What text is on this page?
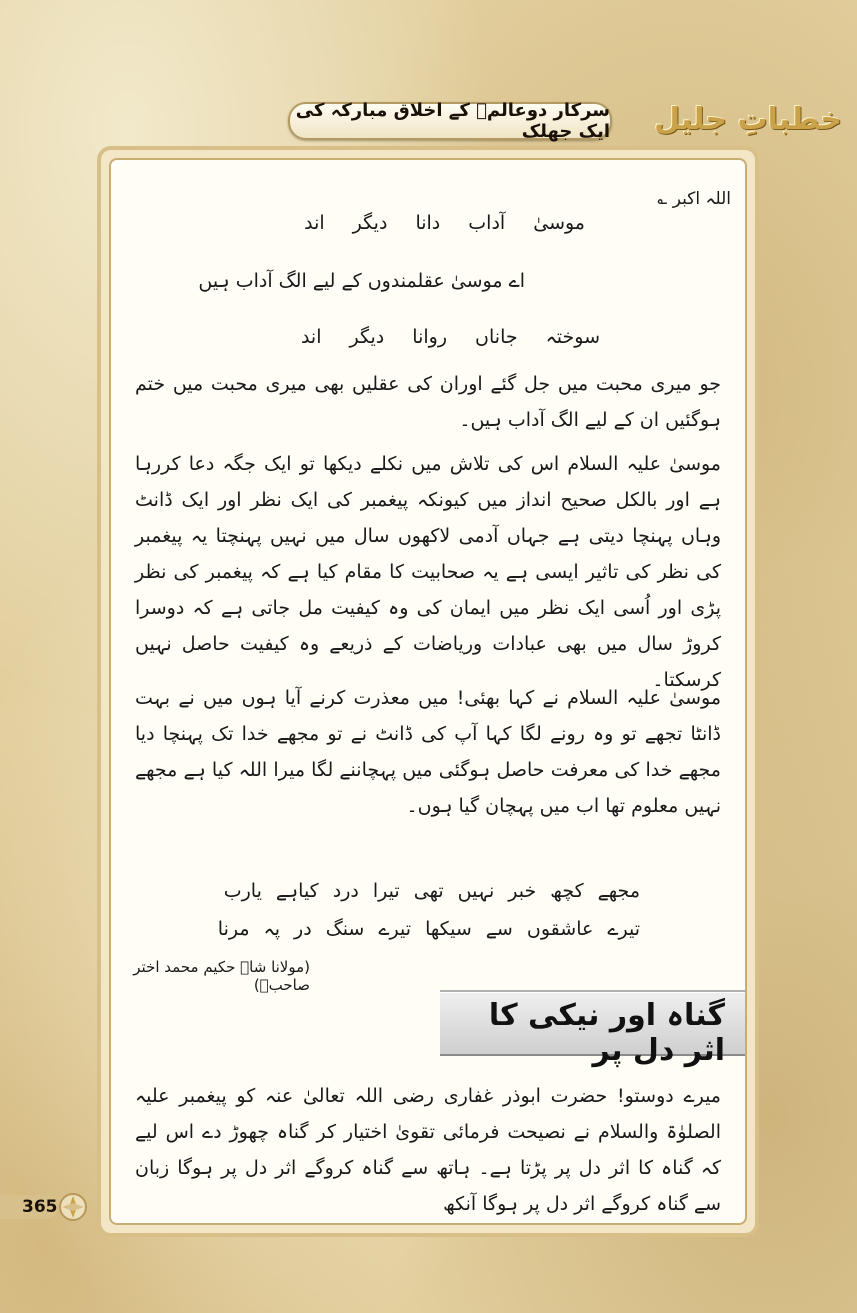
سرکار دوعالمؐ کے اخلاق مبارکہ کی ایک جھلک خطباتِ جلیل
اللہ اکبر ؎
موسیٰ آداب دانا دیگر اند
اے موسیٰ عقلمندوں کے لیے الگ آداب ہیں
سوختہ جاناں روانا دیگر اند

جو میری محبت میں جل گئے اوران کی عقلیں بھی میری محبت میں ختم ہوگئیں ان کے لیے الگ آداب ہیں۔

موسیٰ علیہ السلام اس کی تلاش میں نکلے دیکھا تو ایک جگہ دعا کررہا ہے اور بالکل صحیح انداز میں کیونکہ پیغمبر کی ایک نظر اور ایک ڈانٹ وہاں پہنچا دیتی ہے جہاں آدمی لاکھوں سال میں نہیں پہنچتا یہ پیغمبر کی نظر کی تاثیر ایسی ہے یہ صحابیت کا مقام کیا ہے کہ پیغمبر کی نظر پڑی اور اُسی ایک نظر میں ایمان کی وہ کیفیت مل جاتی ہے کہ دوسرا کروڑ سال میں بھی عبادات وریاضات کے ذریعے وہ کیفیت حاصل نہیں کرسکتا۔

موسیٰ علیہ السلام نے کہا بھئی! میں معذرت کرنے آیا ہوں میں نے بہت ڈانٹا تجھے تو وہ رونے لگا کہا آپ کی ڈانٹ نے تو مجھے خدا تک پہنچا دیا مجھے خدا کی معرفت حاصل ہوگئی میں پہچاننے لگا میرا اللہ کیا ہے مجھے نہیں معلوم تھا اب میں پہچان گیا ہوں۔

مجھے کچھ خبر نہیں تھی تیرا درد کیاہے یارب
تیرے عاشقوں سے سیکھا تیرے سنگ در پہ مرنا
(مولانا شاہ حکیم محمد اختر صاحبؒ)
گناہ اور نیکی کا اثر دل پر

میرے دوستو! حضرت ابوذر غفاری رضی اللہ تعالیٰ عنہ کو پیغمبر علیہ الصلوٰۃ والسلام نے نصیحت فرمائی تقویٰ اختیار کر گناہ چھوڑ دے اس لیے کہ گناہ کا اثر دل پر پڑتا ہے۔ ہاتھ سے گناہ کروگے اثر دل پر ہوگا زبان سے گناہ کروگے اثر دل پر ہوگا آنکھ

365
